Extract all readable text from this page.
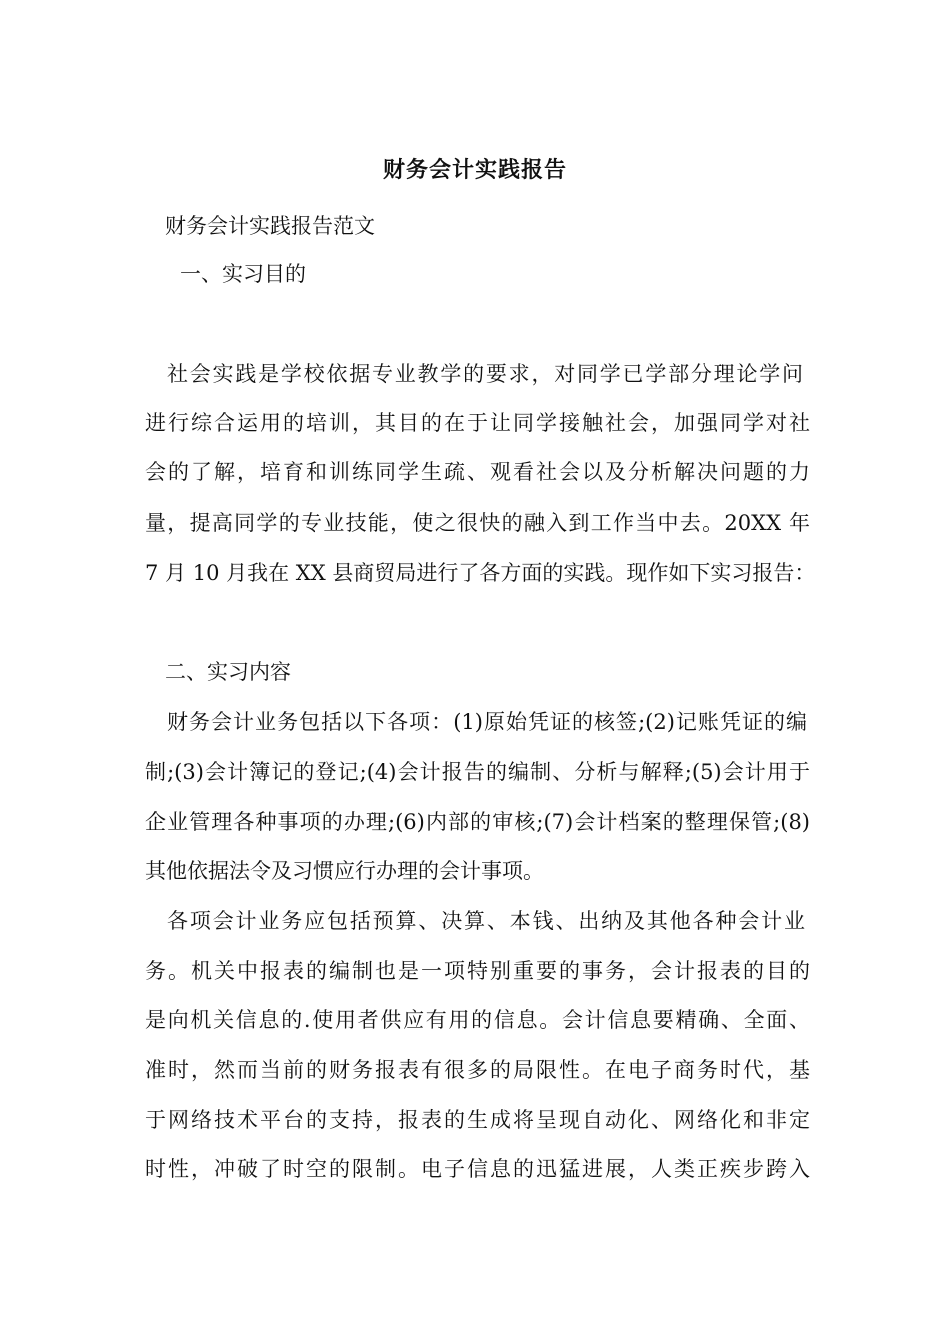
财务会计实践报告
财务会计实践报告范文
一、实习目的
社会实践是学校依据专业教学的要求，对同学已学部分理论学问
进行综合运用的培训，其目的在于让同学接触社会，加强同学对社
会的了解，培育和训练同学生疏、观看社会以及分析解决问题的力
量，提高同学的专业技能，使之很快的融入到工作当中去。20XX 年
7 月 10 月我在 XX 县商贸局进行了各方面的实践。现作如下实习报告：
二、实习内容
财务会计业务包括以下各项：(1)原始凭证的核签;(2)记账凭证的编
制;(3)会计簿记的登记;(4)会计报告的编制、分析与解释;(5)会计用于
企业管理各种事项的办理;(6)内部的审核;(7)会计档案的整理保管;(8)
其他依据法令及习惯应行办理的会计事项。
各项会计业务应包括预算、决算、本钱、出纳及其他各种会计业
务。机关中报表的编制也是一项特别重要的事务，会计报表的目的
是向机关信息的.使用者供应有用的信息。会计信息要精确、全面、
准时，然而当前的财务报表有很多的局限性。在电子商务时代，基
于网络技术平台的支持，报表的生成将呈现自动化、网络化和非定
时性，冲破了时空的限制。电子信息的迅猛进展，人类正疾步跨入
